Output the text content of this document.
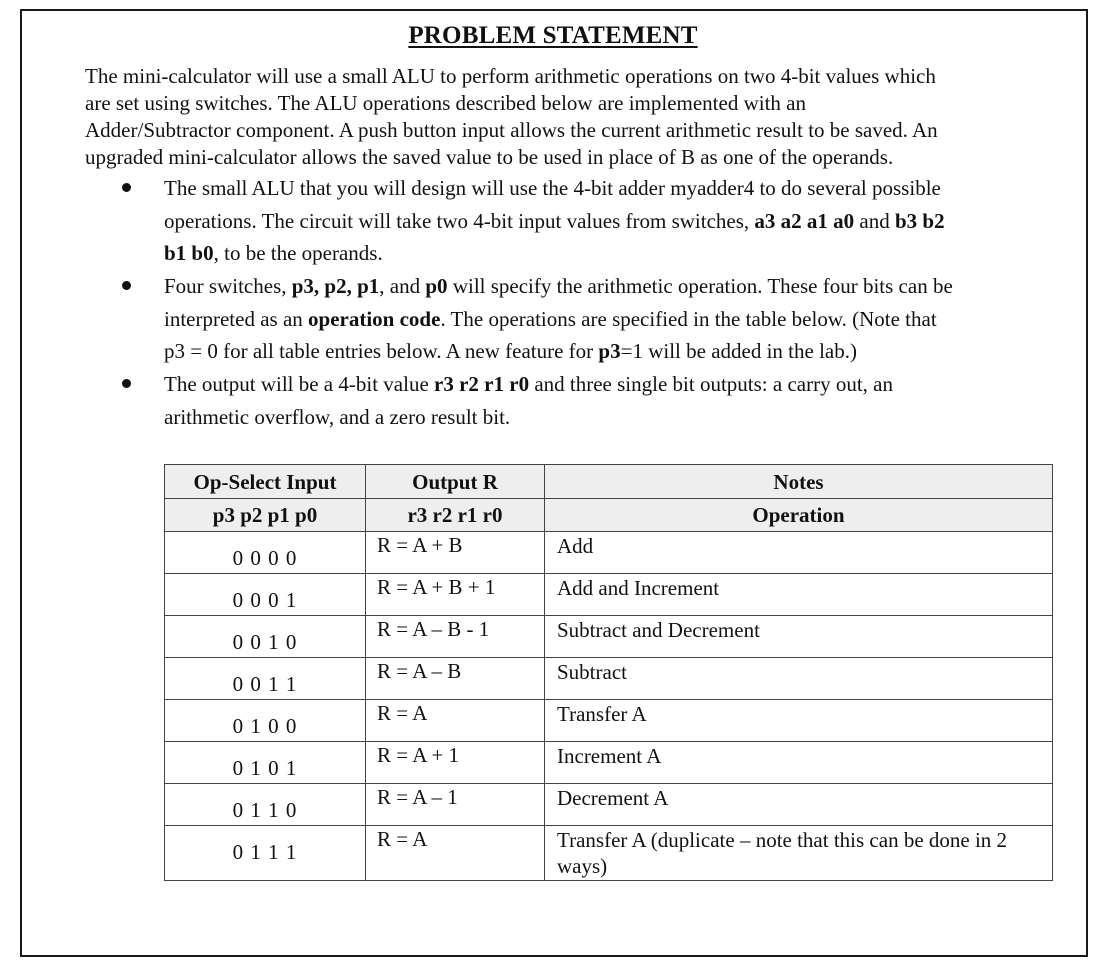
PROBLEM STATEMENT

The mini-calculator will use a small ALU to perform arithmetic operations on two 4-bit values which

are set using switches. The ALU operations described below are implemented with an

Adder/Subtractor component. A push button input allows the current arithmetic result to be saved. An

upgraded mini-calculator allows the saved value to be used in place of B as one of the operands.

The small ALU that you will design will use the 4-bit adder myadder4 to do several possible
operations. The circuit will take two 4-bit input values from switches, a3 a2 a1 a0 and b3 b2
b1 b0, to be the operands.
Four switches, p3, p2, p1, and p0 will specify the arithmetic operation. These four bits can be
interpreted as an operation code. The operations are specified in the table below. (Note that
p3 = 0 for all table entries below. A new feature for p3=1 will be added in the lab.)
The output will be a 4-bit value r3 r2 r1 r0 and three single bit outputs: a carry out, an
arithmetic overflow, and a zero result bit.
Op-Select Input	Output R	Notes
p3 p2 p1 p0	r3 r2 r1 r0	Operation
0 0 0 0	R = A + B	Add
0 0 0 1	R = A + B + 1	Add and Increment
0 0 1 0	R = A – B - 1	Subtract and Decrement
0 0 1 1	R = A – B	Subtract
0 1 0 0	R = A	Transfer A
0 1 0 1	R = A + 1	Increment A
0 1 1 0	R = A – 1	Decrement A
0 1 1 1	R = A	Transfer A (duplicate – note that this can be done in 2 ways)
